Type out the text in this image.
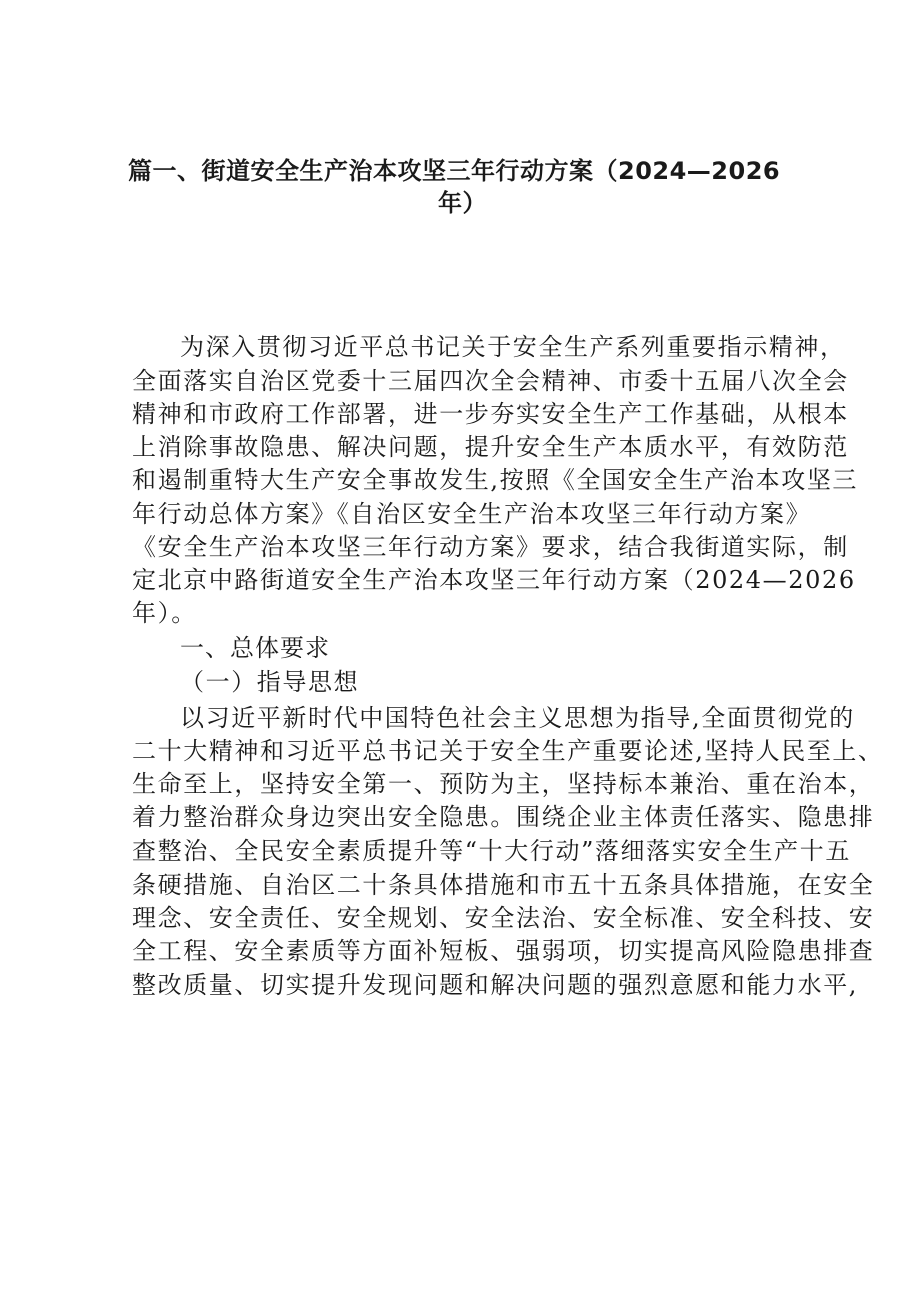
篇一、街道安全生产治本攻坚三年行动方案（2024—2026
年）
为深入贯彻习近平总书记关于安全生产系列重要指示精神，
全面落实自治区党委十三届四次全会精神、市委十五届八次全会
精神和市政府工作部署，进一步夯实安全生产工作基础，从根本
上消除事故隐患、解决问题，提升安全生产本质水平，有效防范
和遏制重特大生产安全事故发生,按照《全国安全生产治本攻坚三
年行动总体方案》《自治区安全生产治本攻坚三年行动方案》
《安全生产治本攻坚三年行动方案》要求，结合我街道实际，制
定北京中路街道安全生产治本攻坚三年行动方案（2024—2026
年）。
一、总体要求
（一）指导思想
以习近平新时代中国特色社会主义思想为指导,全面贯彻党的
二十大精神和习近平总书记关于安全生产重要论述,坚持人民至上、
生命至上，坚持安全第一、预防为主，坚持标本兼治、重在治本，
着力整治群众身边突出安全隐患。围绕企业主体责任落实、隐患排
查整治、全民安全素质提升等“十大行动”落细落实安全生产十五
条硬措施、自治区二十条具体措施和市五十五条具体措施，在安全
理念、安全责任、安全规划、安全法治、安全标准、安全科技、安
全工程、安全素质等方面补短板、强弱项，切实提高风险隐患排查
整改质量、切实提升发现问题和解决问题的强烈意愿和能力水平,
